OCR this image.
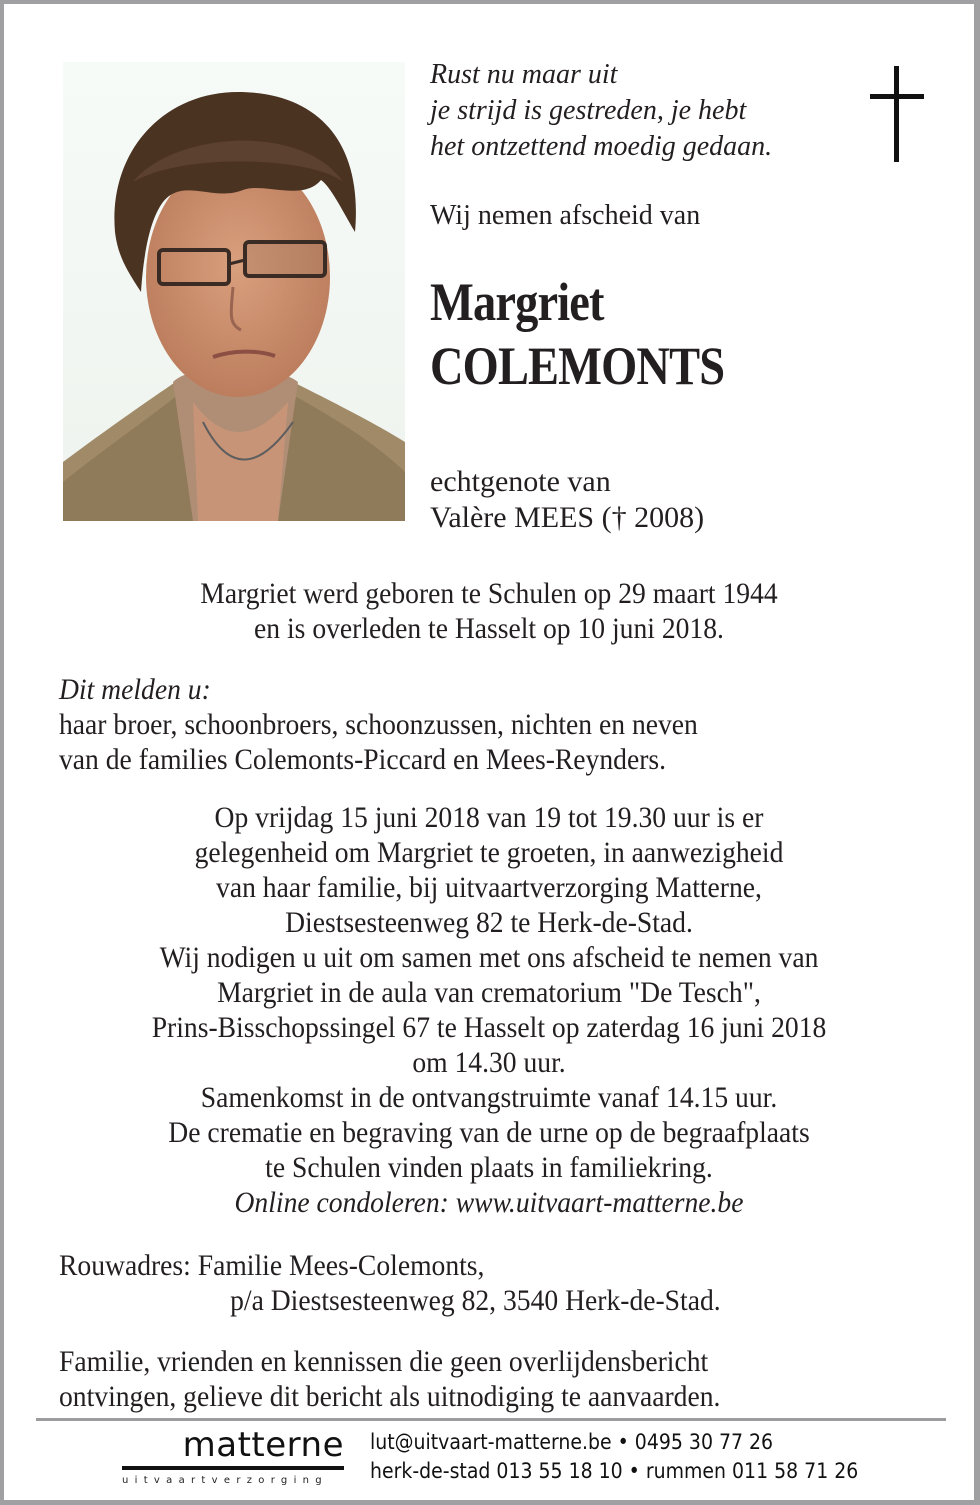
Rust nu maar uit
je strijd is gestreden, je hebt
het ontzettend moedig gedaan.
Wij nemen afscheid van
Margriet
COLEMONTS
echtgenote van
Valère MEES († 2008)
Margriet werd geboren te Schulen op 29 maart 1944
en is overleden te Hasselt op 10 juni 2018.
Dit melden u:
haar broer, schoonbroers, schoonzussen, nichten en neven
van de families Colemonts-Piccard en Mees-Reynders.
Op vrijdag 15 juni 2018 van 19 tot 19.30 uur is er
gelegenheid om Margriet te groeten, in aanwezigheid
van haar familie, bij uitvaartverzorging Matterne,
Diestsesteenweg 82 te Herk-de-Stad.
Wij nodigen u uit om samen met ons afscheid te nemen van
Margriet in de aula van crematorium "De Tesch",
Prins-Bisschopssingel 67 te Hasselt op zaterdag 16 juni 2018
om 14.30 uur.
Samenkomst in de ontvangstruimte vanaf 14.15 uur.
De crematie en begraving van de urne op de begraafplaats
te Schulen vinden plaats in familiekring.
Online condoleren: www.uitvaart-matterne.be
Rouwadres: Familie Mees-Colemonts,
p/a Diestsesteenweg 82, 3540 Herk-de-Stad.
Familie, vrienden en kennissen die geen overlijdensbericht
ontvingen, gelieve dit bericht als uitnodiging te aanvaarden.
matterne
uitvaartverzorging
lut@uitvaart-matterne.be • 0495 30 77 26
herk-de-stad 013 55 18 10 • rummen 011 58 71 26
